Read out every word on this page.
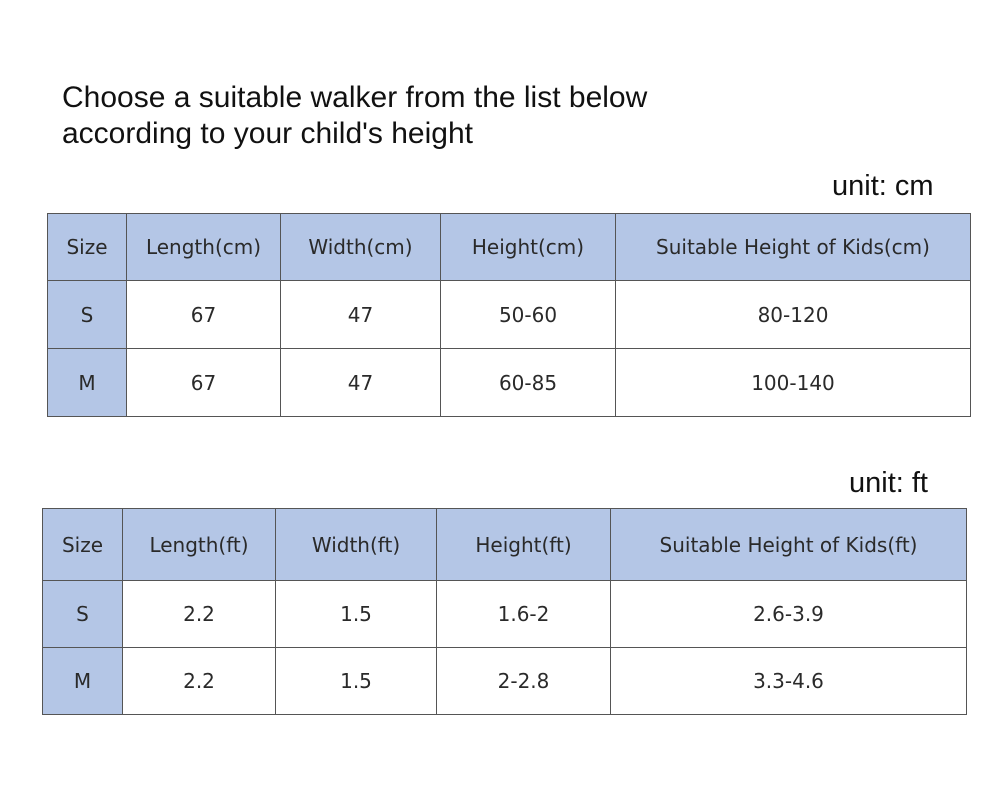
Choose a suitable walker from the list below
according to your child's height
unit: cm
Size	Length(cm)	Width(cm)	Height(cm)	Suitable Height of Kids(cm)
S	67	47	50-60	80-120
M	67	47	60-85	100-140
unit: ft
Size	Length(ft)	Width(ft)	Height(ft)	Suitable Height of Kids(ft)
S	2.2	1.5	1.6-2	2.6-3.9
M	2.2	1.5	2-2.8	3.3-4.6
